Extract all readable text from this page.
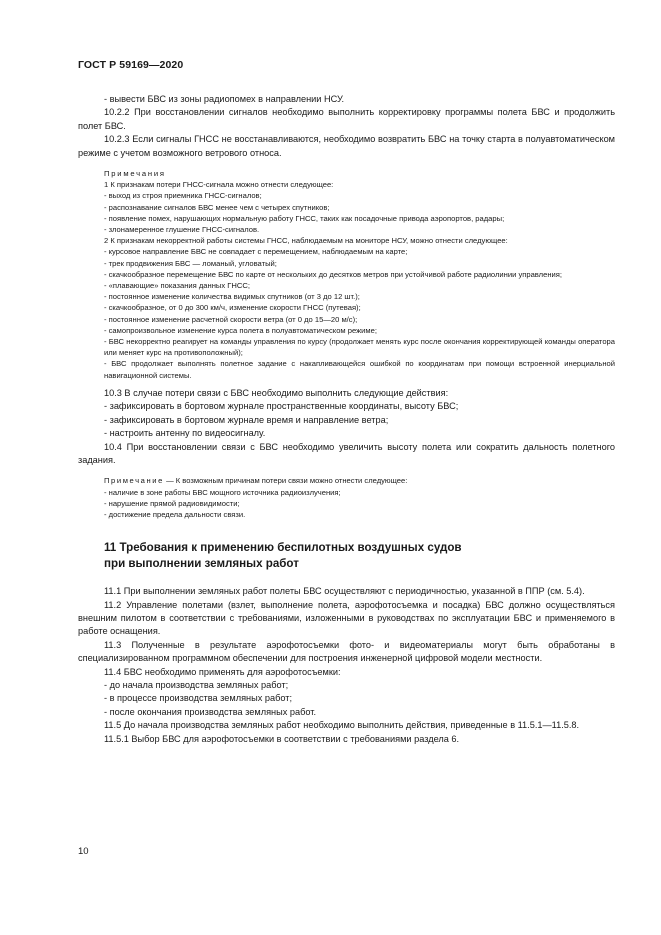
ГОСТ Р 59169—2020

- вывести БВС из зоны радиопомех в направлении НСУ.

10.2.2 При восстановлении сигналов необходимо выполнить корректировку программы полета БВС и продолжить полет БВС.

10.2.3 Если сигналы ГНСС не восстанавливаются, необходимо возвратить БВС на точку старта в полуавтоматическом режиме с учетом возможного ветрового относа.

Примечания

1 К признакам потери ГНСС-сигнала можно отнести следующее:

- выход из строя приемника ГНСС-сигналов;

- распознавание сигналов БВС менее чем с четырех спутников;

- появление помех, нарушающих нормальную работу ГНСС, таких как посадочные привода аэропортов, радары;

- злонамеренное глушение ГНСС-сигналов.

2 К признакам некорректной работы системы ГНСС, наблюдаемым на мониторе НСУ, можно отнести следующее:

- курсовое направление БВС не совпадает с перемещением, наблюдаемым на карте;

- трек продвижения БВС — ломаный, угловатый;

- скачкообразное перемещение БВС по карте от нескольких до десятков метров при устойчивой работе радиолинии управления;

- «плавающие» показания данных ГНСС;

- постоянное изменение количества видимых спутников (от 3 до 12 шт.);

- скачкообразное, от 0 до 300 км/ч, изменение скорости ГНСС (путевая);

- постоянное изменение расчетной скорости ветра (от 0 до 15—20 м/с);

- самопроизвольное изменение курса полета в полуавтоматическом режиме;

- БВС некорректно реагирует на команды управления по курсу (продолжает менять курс после окончания корректирующей команды оператора или меняет курс на противоположный);

- БВС продолжает выполнять полетное задание с накапливающейся ошибкой по координатам при помощи встроенной инерциальной навигационной системы.

10.3 В случае потери связи с БВС необходимо выполнить следующие действия:

- зафиксировать в бортовом журнале пространственные координаты, высоту БВС;

- зафиксировать в бортовом журнале время и направление ветра;

- настроить антенну по видеосигналу.

10.4 При восстановлении связи с БВС необходимо увеличить высоту полета или сократить дальность полетного задания.

Примечание — К возможным причинам потери связи можно отнести следующее:

- наличие в зоне работы БВС мощного источника радиоизлучения;

- нарушение прямой радиовидимости;

- достижение предела дальности связи.

11 Требования к применению беспилотных воздушных судов
при выполнении земляных работ

11.1 При выполнении земляных работ полеты БВС осуществляют с периодичностью, указанной в ППР (см. 5.4).

11.2 Управление полетами (взлет, выполнение полета, аэрофотосъемка и посадка) БВС должно осуществляться внешним пилотом в соответствии с требованиями, изложенными в руководствах по эксплуатации БВС и применяемого в работе оснащения.

11.3 Полученные в результате аэрофотосъемки фото- и видеоматериалы могут быть обработаны в специализированном программном обеспечении для построения инженерной цифровой модели местности.

11.4 БВС необходимо применять для аэрофотосъемки:

- до начала производства земляных работ;

- в процессе производства земляных работ;

- после окончания производства земляных работ.

11.5 До начала производства земляных работ необходимо выполнить действия, приведенные в 11.5.1—11.5.8.

11.5.1 Выбор БВС для аэрофотосъемки в соответствии с требованиями раздела 6.

10
